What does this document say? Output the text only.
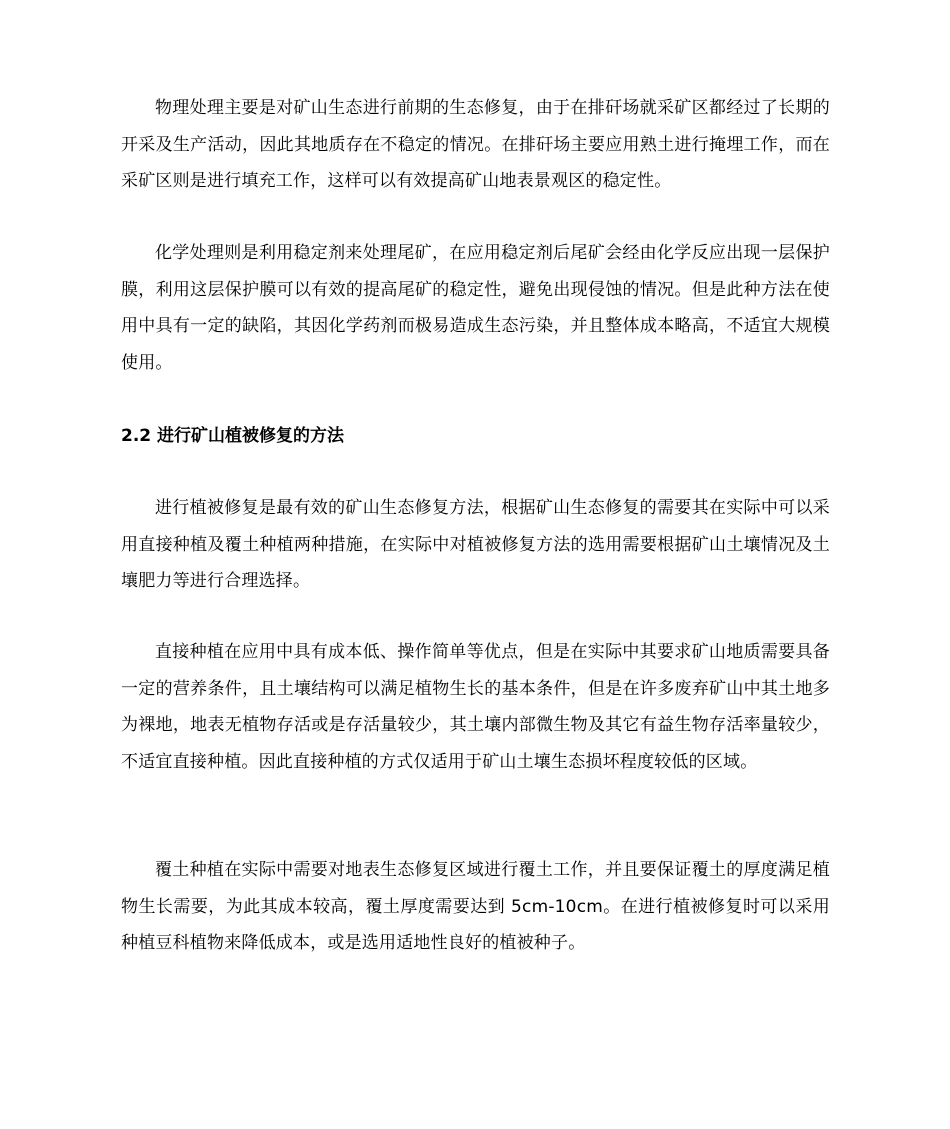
物理处理主要是对矿山生态进行前期的生态修复，由于在排矸场就采矿区都经过了长期的开采及生产活动，因此其地质存在不稳定的情况。在排矸场主要应用熟土进行掩埋工作，而在采矿区则是进行填充工作，这样可以有效提高矿山地表景观区的稳定性。

化学处理则是利用稳定剂来处理尾矿，在应用稳定剂后尾矿会经由化学反应出现一层保护膜，利用这层保护膜可以有效的提高尾矿的稳定性，避免出现侵蚀的情况。但是此种方法在使用中具有一定的缺陷，其因化学药剂而极易造成生态污染，并且整体成本略高，不适宜大规模使用。

2.2 进行矿山植被修复的方法

进行植被修复是最有效的矿山生态修复方法，根据矿山生态修复的需要其在实际中可以采用直接种植及覆土种植两种措施，在实际中对植被修复方法的选用需要根据矿山土壤情况及土壤肥力等进行合理选择。

直接种植在应用中具有成本低、操作简单等优点，但是在实际中其要求矿山地质需要具备一定的营养条件，且土壤结构可以满足植物生长的基本条件，但是在许多废弃矿山中其土地多为裸地，地表无植物存活或是存活量较少，其土壤内部微生物及其它有益生物存活率量较少，不适宜直接种植。因此直接种植的方式仅适用于矿山土壤生态损坏程度较低的区域。

覆土种植在实际中需要对地表生态修复区域进行覆土工作，并且要保证覆土的厚度满足植物生长需要，为此其成本较高，覆土厚度需要达到 5cm-10cm。在进行植被修复时可以采用种植豆科植物来降低成本，或是选用适地性良好的植被种子。
